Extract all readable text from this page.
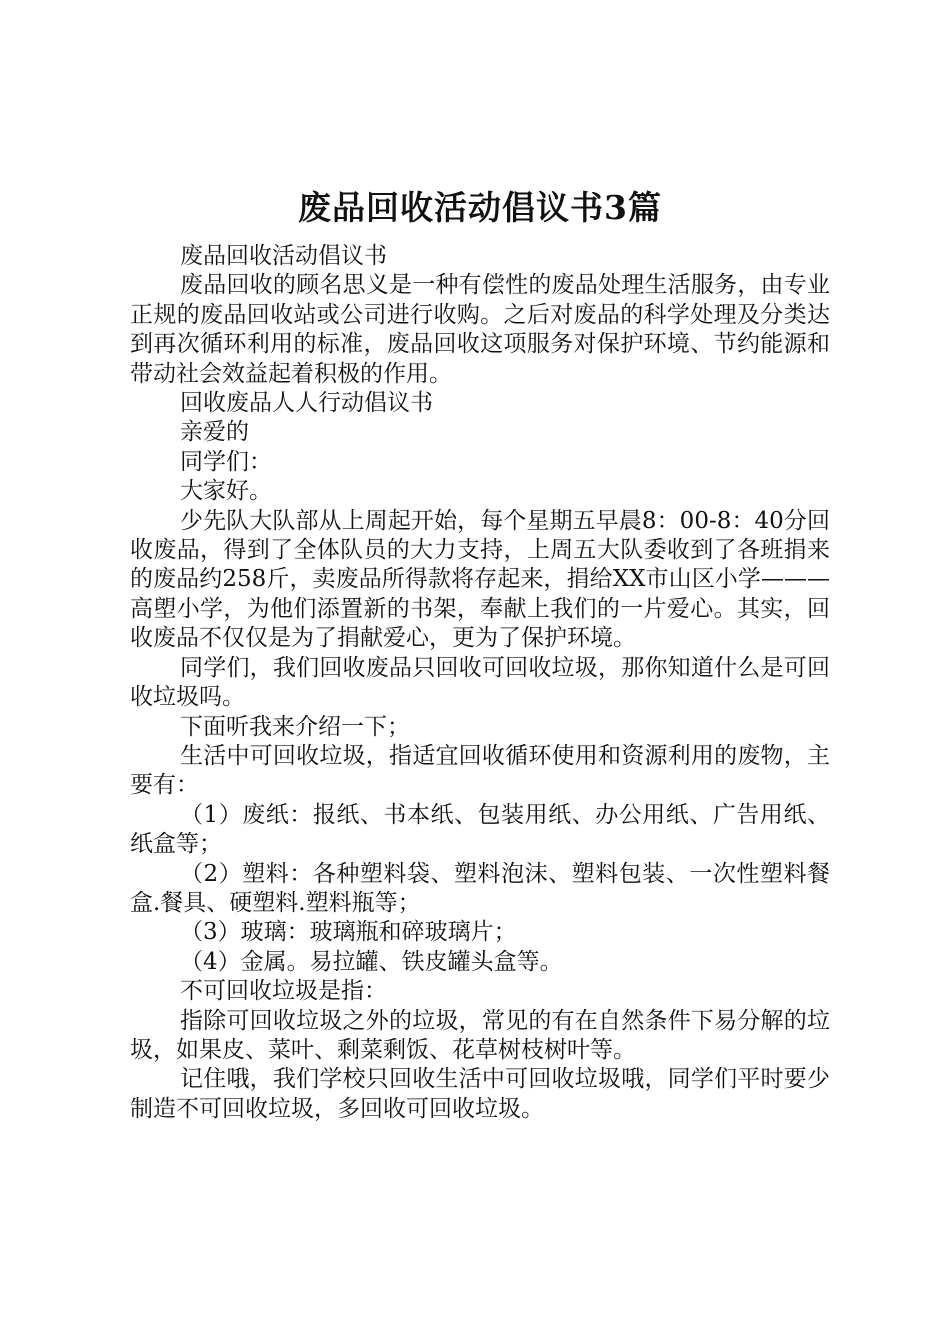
废品回收活动倡议书3篇

废品回收活动倡议书

废品回收的顾名思义是一种有偿性的废品处理生活服务，由专业正规的废品回收站或公司进行收购。之后对废品的科学处理及分类达到再次循环利用的标准，废品回收这项服务对保护环境、节约能源和带动社会效益起着积极的作用。

回收废品人人行动倡议书

亲爱的

同学们：

大家好。

少先队大队部从上周起开始，每个星期五早晨8：00-8：40分回收废品，得到了全体队员的大力支持，上周五大队委收到了各班捐来的废品约258斤，卖废品所得款将存起来，捐给XX市山区小学———高塱小学，为他们添置新的书架，奉献上我们的一片爱心。其实，回收废品不仅仅是为了捐献爱心，更为了保护环境。

同学们，我们回收废品只回收可回收垃圾，那你知道什么是可回收垃圾吗。

下面听我来介绍一下；

生活中可回收垃圾，指适宜回收循环使用和资源利用的废物，主要有：

（1）废纸：报纸、书本纸、包装用纸、办公用纸、广告用纸、纸盒等；

（2）塑料：各种塑料袋、塑料泡沫、塑料包装、一次性塑料餐盒.餐具、硬塑料.塑料瓶等；

（3）玻璃：玻璃瓶和碎玻璃片；

（4）金属。易拉罐、铁皮罐头盒等。

不可回收垃圾是指：

指除可回收垃圾之外的垃圾，常见的有在自然条件下易分解的垃圾，如果皮、菜叶、剩菜剩饭、花草树枝树叶等。

记住哦，我们学校只回收生活中可回收垃圾哦，同学们平时要少制造不可回收垃圾，多回收可回收垃圾。
